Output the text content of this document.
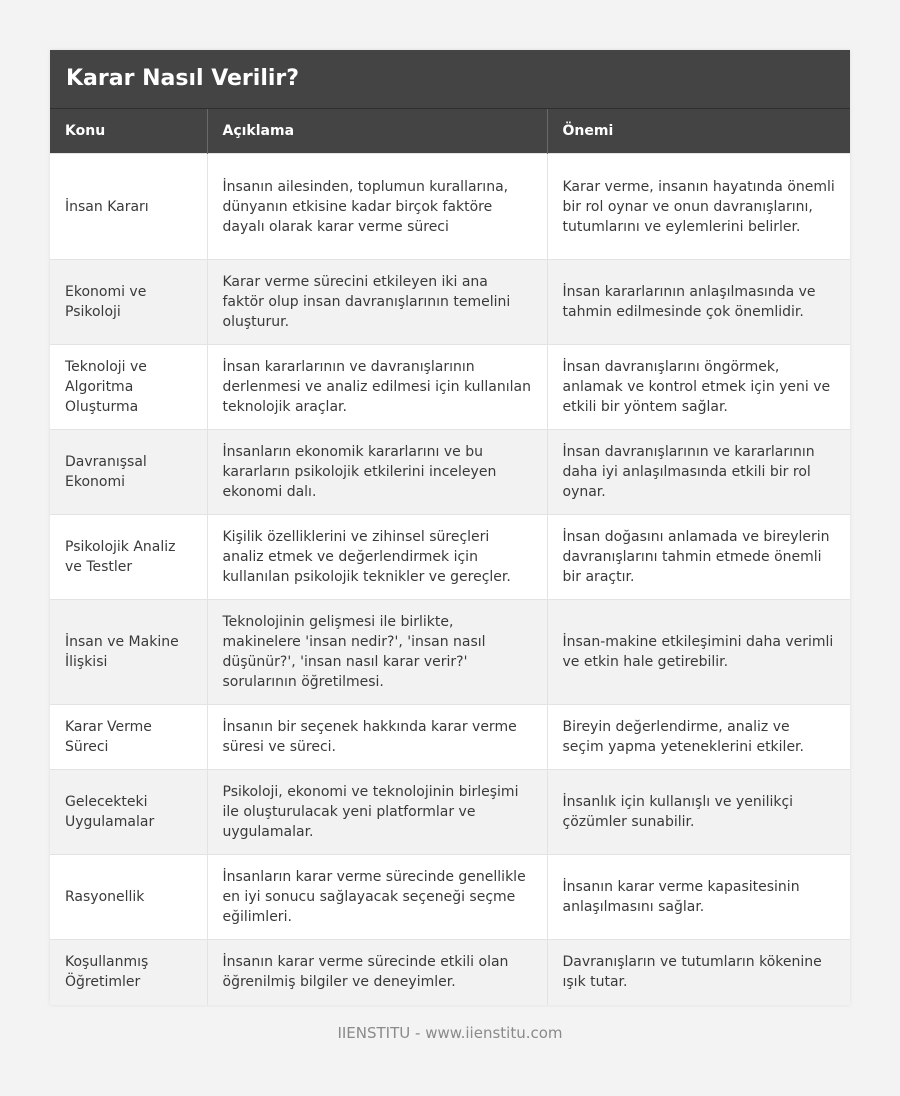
Karar Nasıl Verilir?
Konu	Açıklama	Önemi
İnsan Kararı	İnsanın ailesinden, toplumun kurallarına, dünyanın etkisine kadar birçok faktöre dayalı olarak karar verme süreci	Karar verme, insanın hayatında önemli bir rol oynar ve onun davranışlarını, tutumlarını ve eylemlerini belirler.
Ekonomi ve Psikoloji	Karar verme sürecini etkileyen iki ana faktör olup insan davranışlarının temelini oluşturur.	İnsan kararlarının anlaşılmasında ve tahmin edilmesinde çok önemlidir.
Teknoloji ve Algoritma Oluşturma	İnsan kararlarının ve davranışlarının derlenmesi ve analiz edilmesi için kullanılan teknolojik araçlar.	İnsan davranışlarını öngörmek, anlamak ve kontrol etmek için yeni ve etkili bir yöntem sağlar.
Davranışsal Ekonomi	İnsanların ekonomik kararlarını ve bu kararların psikolojik etkilerini inceleyen ekonomi dalı.	İnsan davranışlarının ve kararlarının daha iyi anlaşılmasında etkili bir rol oynar.
Psikolojik Analiz ve Testler	Kişilik özelliklerini ve zihinsel süreçleri analiz etmek ve değerlendirmek için kullanılan psikolojik teknikler ve gereçler.	İnsan doğasını anlamada ve bireylerin davranışlarını tahmin etmede önemli bir araçtır.
İnsan ve Makine İlişkisi	Teknolojinin gelişmesi ile birlikte, makinelere 'insan nedir?', 'insan nasıl düşünür?', 'insan nasıl karar verir?' sorularının öğretilmesi.	İnsan-makine etkileşimini daha verimli ve etkin hale getirebilir.
Karar Verme Süreci	İnsanın bir seçenek hakkında karar verme süresi ve süreci.	Bireyin değerlendirme, analiz ve seçim yapma yeteneklerini etkiler.
Gelecekteki Uygulamalar	Psikoloji, ekonomi ve teknolojinin birleşimi ile oluşturulacak yeni platformlar ve uygulamalar.	İnsanlık için kullanışlı ve yenilikçi çözümler sunabilir.
Rasyonellik	İnsanların karar verme sürecinde genellikle en iyi sonucu sağlayacak seçeneği seçme eğilimleri.	İnsanın karar verme kapasitesinin anlaşılmasını sağlar.
Koşullanmış Öğretimler	İnsanın karar verme sürecinde etkili olan öğrenilmiş bilgiler ve deneyimler.	Davranışların ve tutumların kökenine ışık tutar.
IIENSTITU - www.iienstitu.com
